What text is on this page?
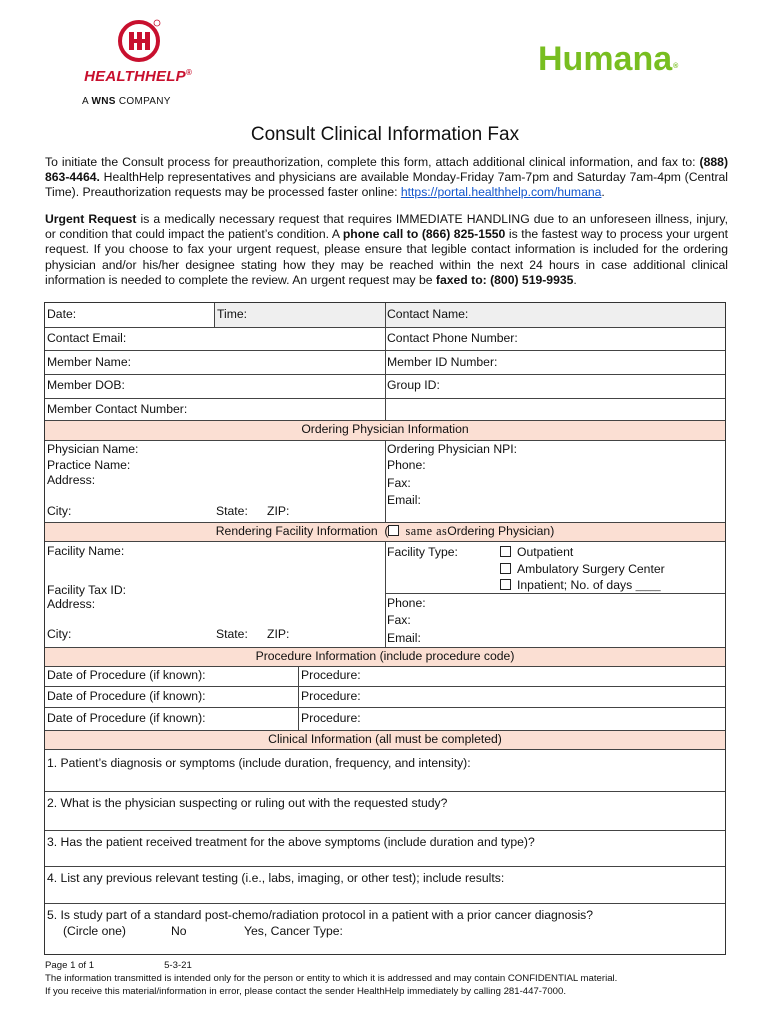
HEALTHHELP®
A WNS COMPANY
Humana®
Consult Clinical Information Fax
To initiate the Consult process for preauthorization, complete this form, attach additional clinical information, and fax to: (888) 863-4464. HealthHelp representatives and physicians are available Monday-Friday 7am-7pm and Saturday 7am-4pm (Central Time). Preauthorization requests may be processed faster online: https://portal.healthhelp.com/humana.
Urgent Request is a medically necessary request that requires IMMEDIATE HANDLING due to an unforeseen illness, injury, or condition that could impact the patient’s condition. A phone call to (866) 825-1550 is the fastest way to process your urgent request. If you choose to fax your urgent request, please ensure that legible contact information is included for the ordering physician and/or his/her designee stating how they may be reached within the next 24 hours in case additional clinical information is needed to complete the review. An urgent request may be faxed to: (800) 519-9935.
Date:	Time:	Contact Name:
Contact Email:	Contact Phone Number:
Member Name:	Member ID Number:
Member DOB:	Group ID:
Member Contact Number:
Ordering Physician Information
Physician Name:
Practice Name:
Address:
City:	State: ZIP:
Ordering Physician NPI:
Phone:
Fax:
Email:
Rendering Facility Information ( same asOrdering Physician)
Facility Name:
Facility Tax ID:
Address:
City:	State: ZIP:
Facility Type:	Outpatient
Ambulatory Surgery Center
Inpatient; No. of days _____
Phone:
Fax:
Email:
Procedure Information (include procedure code)
Date of Procedure (if known):	Procedure:
Date of Procedure (if known):	Procedure:
Date of Procedure (if known):	Procedure:
Clinical Information (all must be completed)
1. Patient’s diagnosis or symptoms (include duration, frequency, and intensity):
2. What is the physician suspecting or ruling out with the requested study?
3. Has the patient received treatment for the above symptoms (include duration and type)?
4. List any previous relevant testing (i.e., labs, imaging, or other test); include results:
5. Is study part of a standard post-chemo/radiation protocol in a patient with a prior cancer diagnosis?
(Circle one)	No	Yes, Cancer Type:
Page 1 of 1	5-3-21
The information transmitted is intended only for the person or entity to which it is addressed and may contain CONFIDENTIAL material.
If you receive this material/information in error, please contact the sender HealthHelp immediately by calling 281-447-7000.
